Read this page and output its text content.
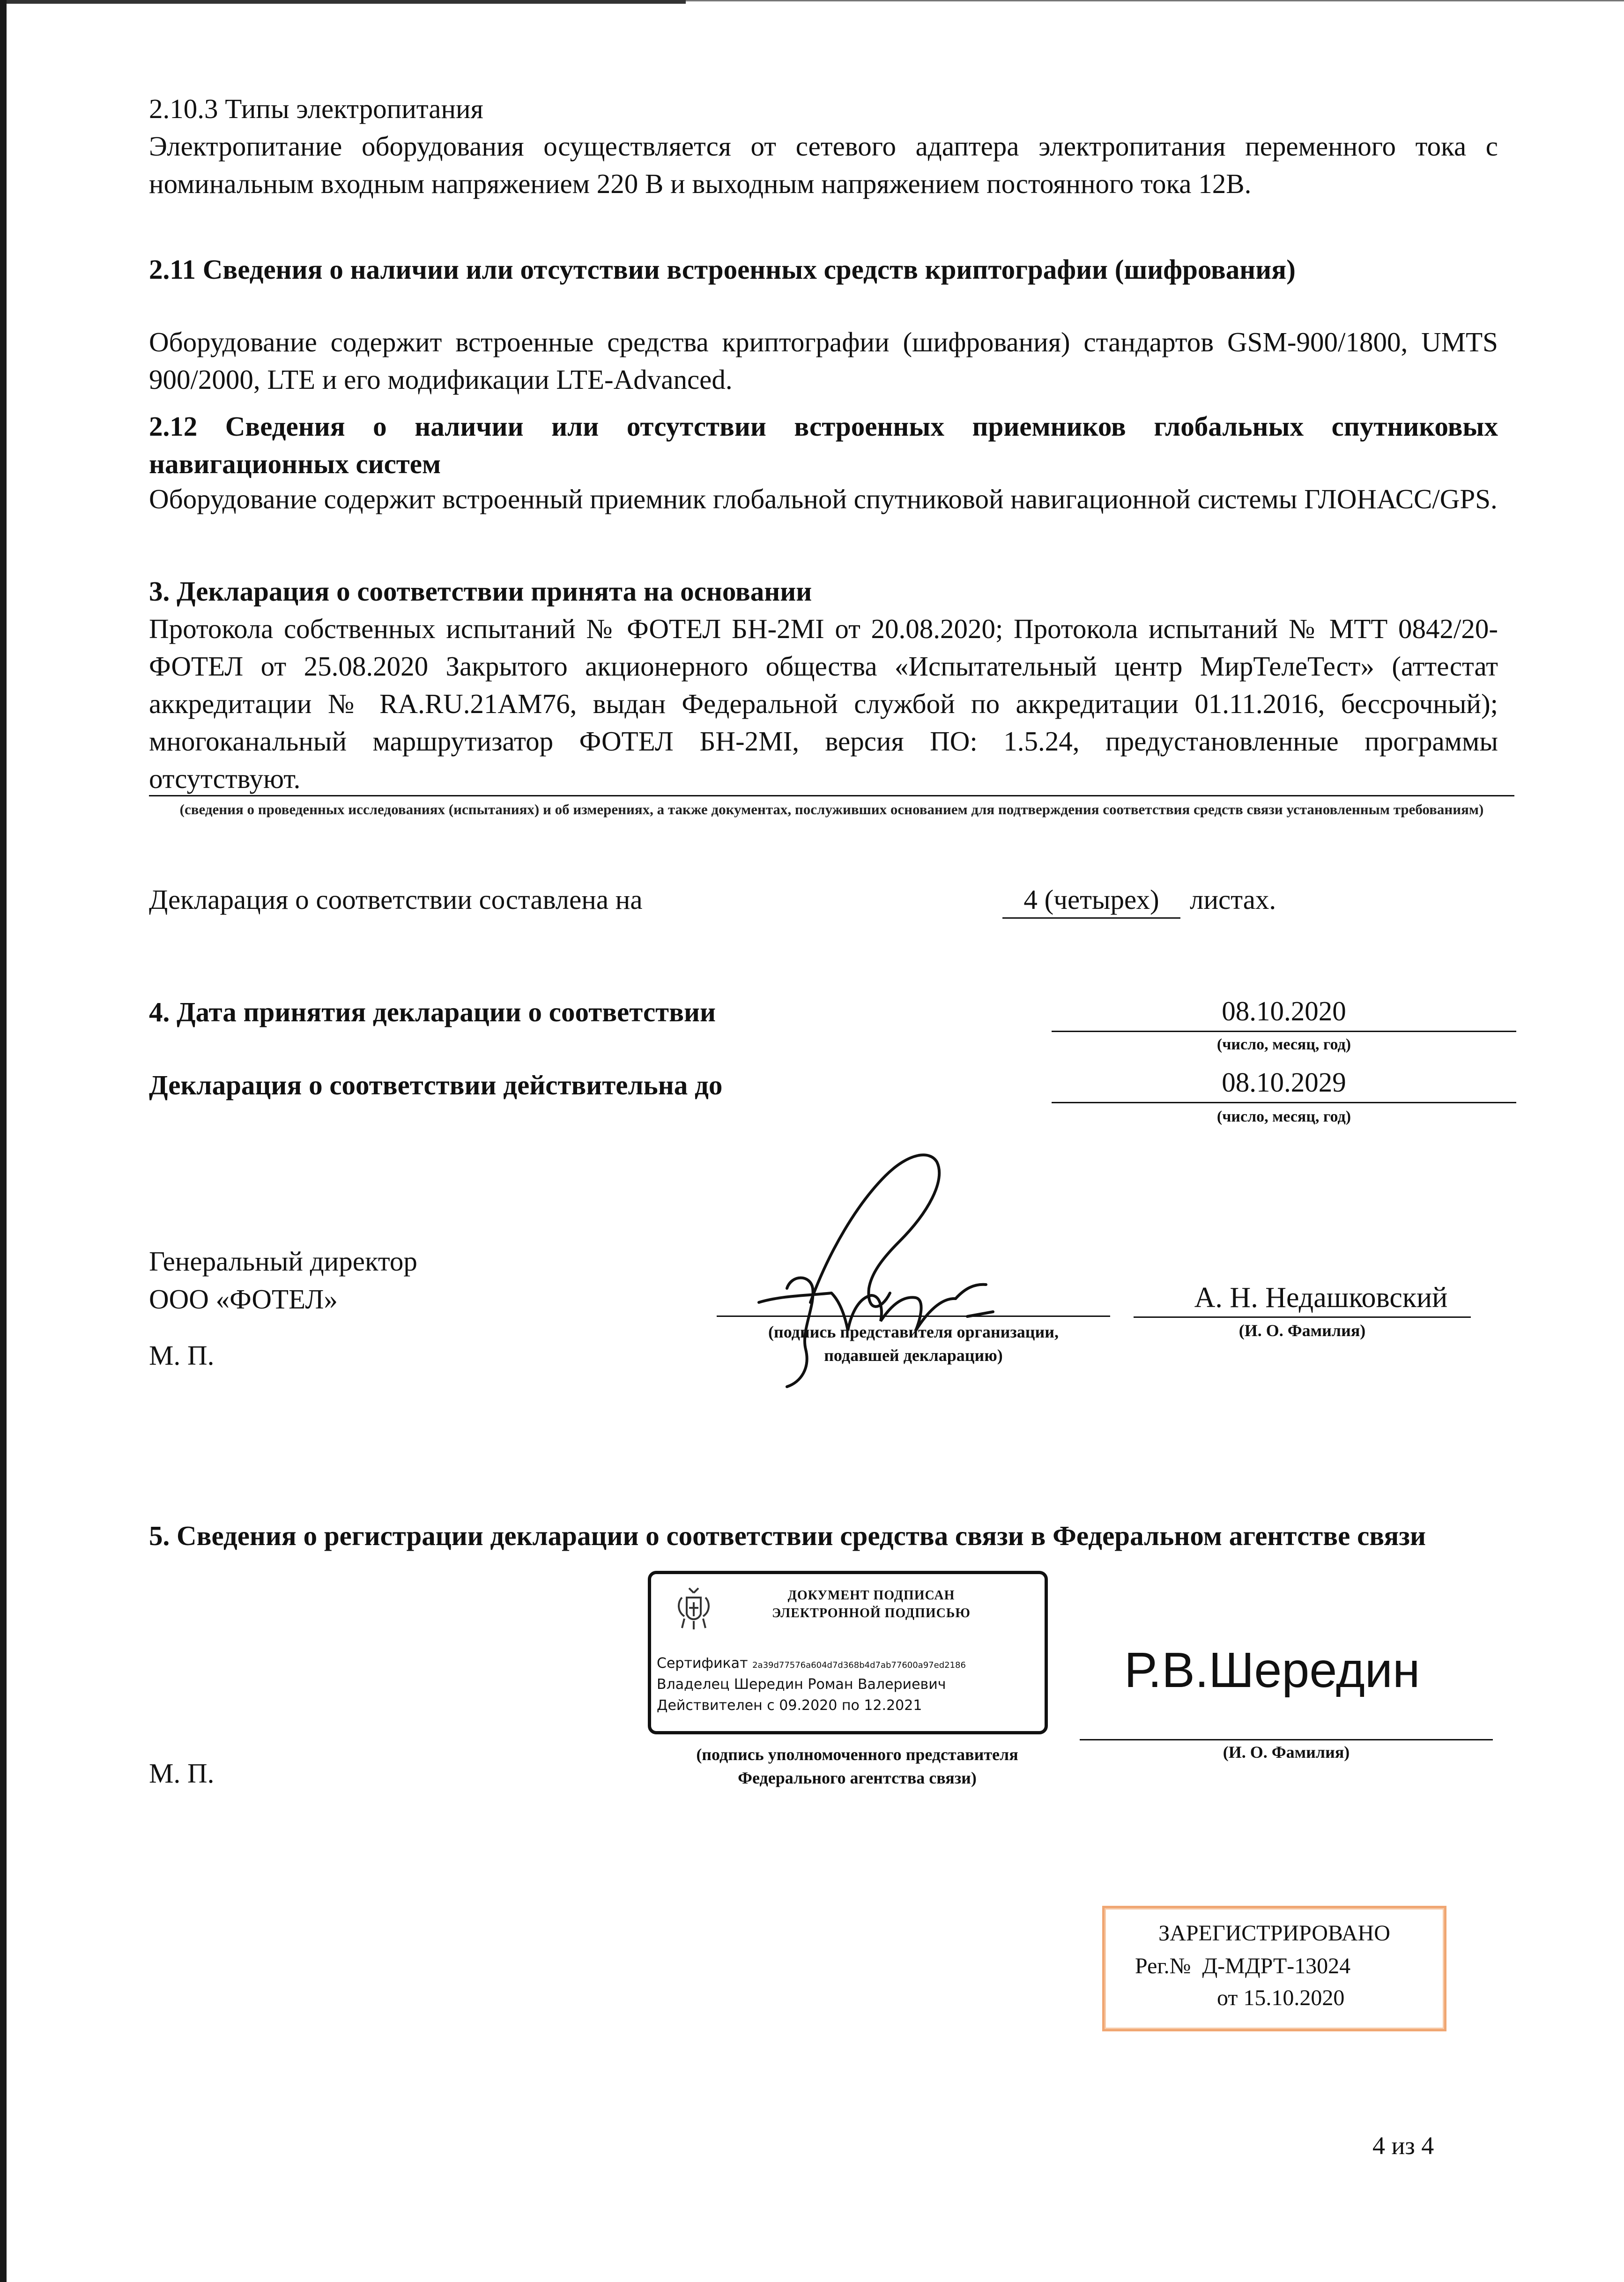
2.10.3 Типы электропитания

Электропитание оборудования осуществляется от сетевого адаптера электропитания переменного тока с номинальным входным напряжением 220 В и выходным напряжением постоянного тока 12В.

2.11 Сведения о наличии или отсутствии встроенных средств криптографии (шифрования)

Оборудование содержит встроенные средства криптографии (шифрования) стандартов GSM-900/1800, UMTS 900/2000, LTE и его модификации LTE-Advanced.

2.12 Сведения о наличии или отсутствии встроенных приемников глобальных спутниковых навигационных систем

Оборудование содержит встроенный приемник глобальной спутниковой навигационной системы ГЛОНАСС/GPS.

3. Декларация о соответствии принята на основании

Протокола собственных испытаний № ФОТЕЛ БН-2MI от 20.08.2020; Протокола испытаний № МТТ 0842/20-ФОТЕЛ от 25.08.2020 Закрытого акционерного общества «Испытательный центр МирТелеТест» (аттестат аккредитации № RA.RU.21AM76, выдан Федеральной службой по аккредитации 01.11.2016, бессрочный); многоканальный маршрутизатор ФОТЕЛ БН-2MI, версия ПО: 1.5.24, предустановленные программы отсутствуют.

(сведения о проведенных исследованиях (испытаниях) и об измерениях, а также документах, послуживших основанием для подтверждения соответствия средств связи установленным требованиям)
Декларация о соответствии составлена на	4 (четырех)	листах.
4. Дата принятия декларации о соответствии	08.10.2020
(число, месяц, год)
Декларация о соответствии действительна до	08.10.2029
(число, месяц, год)
Генеральный директор
ООО «ФОТЕЛ»
М. П.
(подпись представителя организации,
подавшей декларацию)
А. Н. Недашковский
(И. О. Фамилия)

5. Сведения о регистрации декларации о соответствии средства связи в Федеральном агентстве связи

ДОКУМЕНТ ПОДПИСАН
ЭЛЕКТРОННОЙ ПОДПИСЬЮ
Сертификат 2a39d77576a604d7d368b4d7ab77600a97ed2186
Владелец Шередин Роман Валериевич
Действителен с 09.2020 по 12.2021
Р.В.Шередин
(И. О. Фамилия)
(подпись уполномоченного представителя
Федерального агентства связи)
М. П.
ЗАРЕГИСТРИРОВАНО
Рег.№ Д-МДРТ-13024
от 15.10.2020
4 из 4
